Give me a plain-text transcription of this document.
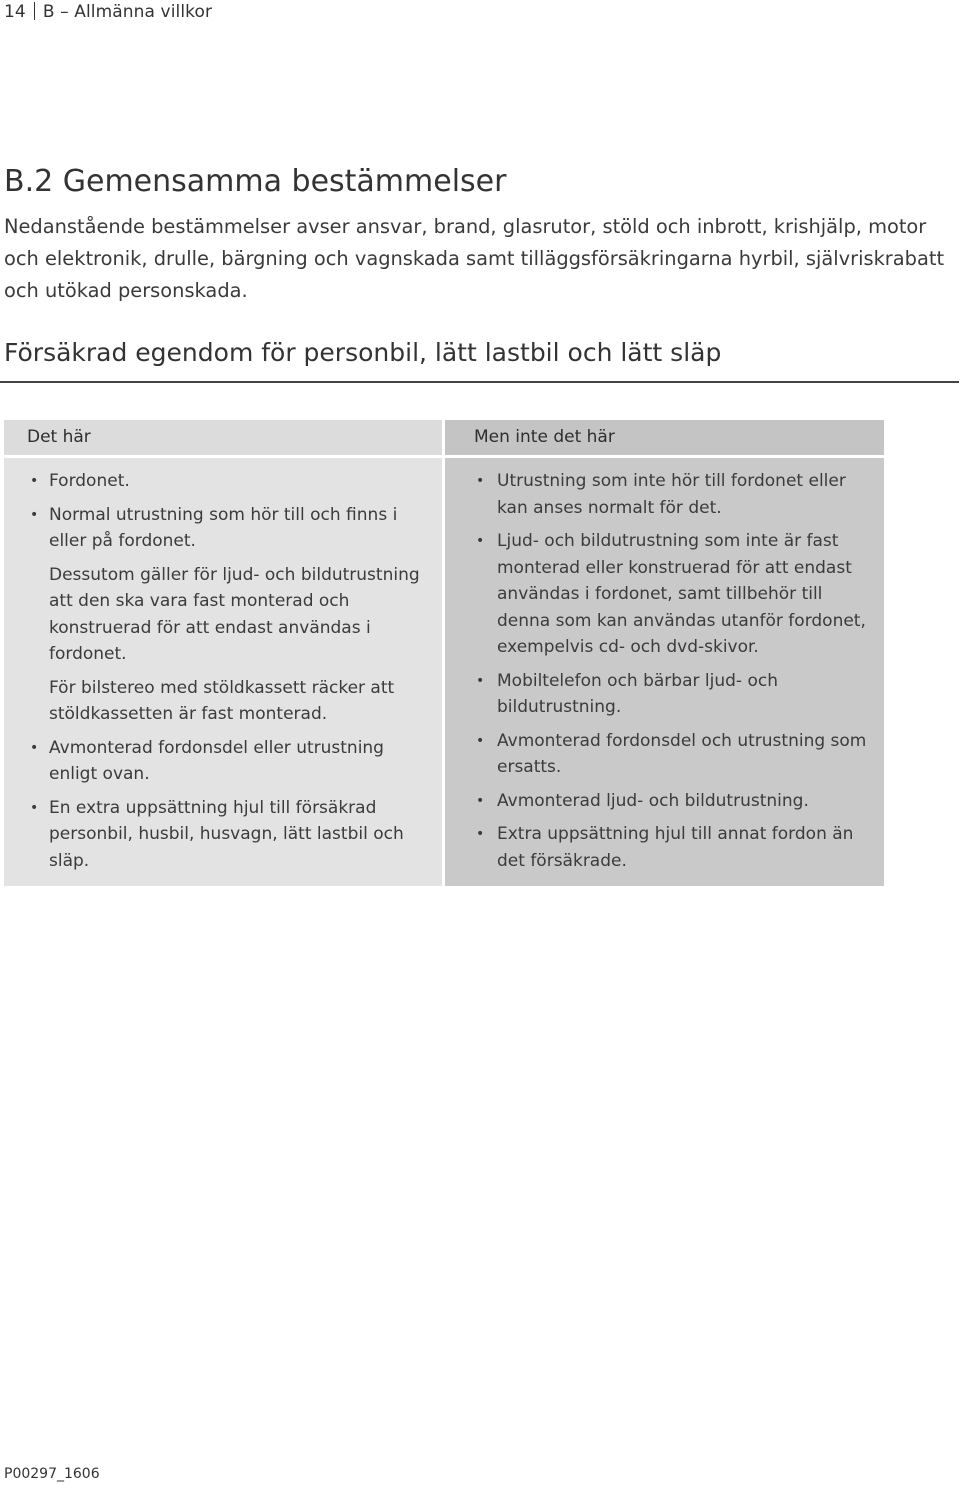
14 B – Allmänna villkor
B.2 Gemensamma bestämmelser

Nedanstående bestämmelser avser ansvar, brand, glasrutor, stöld och inbrott, krishjälp, motor och elektronik, drulle, bärgning och vagnskada samt tilläggsförsäkringarna hyrbil, självriskrabatt och utökad personskada.

Försäkrad egendom för personbil, lätt lastbil och lätt släp
Det här
• Fordonet.
• Normal utrustning som hör till och finns i eller på fordonet.
Dessutom gäller för ljud- och bildutrustning att den ska vara fast monterad och konstruerad för att endast användas i fordonet.
För bilstereo med stöldkassett räcker att stöldkassetten är fast monterad.
• Avmonterad fordonsdel eller utrustning enligt ovan.
• En extra uppsättning hjul till försäkrad personbil, husbil, husvagn, lätt lastbil och släp.
Men inte det här
• Utrustning som inte hör till fordonet eller kan anses normalt för det.
• Ljud- och bildutrustning som inte är fast monterad eller konstruerad för att endast användas i fordonet, samt tillbehör till denna som kan användas utanför fordonet, exempelvis cd- och dvd-skivor.
• Mobiltelefon och bärbar ljud- och bildutrustning.
• Avmonterad fordonsdel och utrustning som ersatts.
• Avmonterad ljud- och bildutrustning.
• Extra uppsättning hjul till annat fordon än det försäkrade.
P00297_1606
